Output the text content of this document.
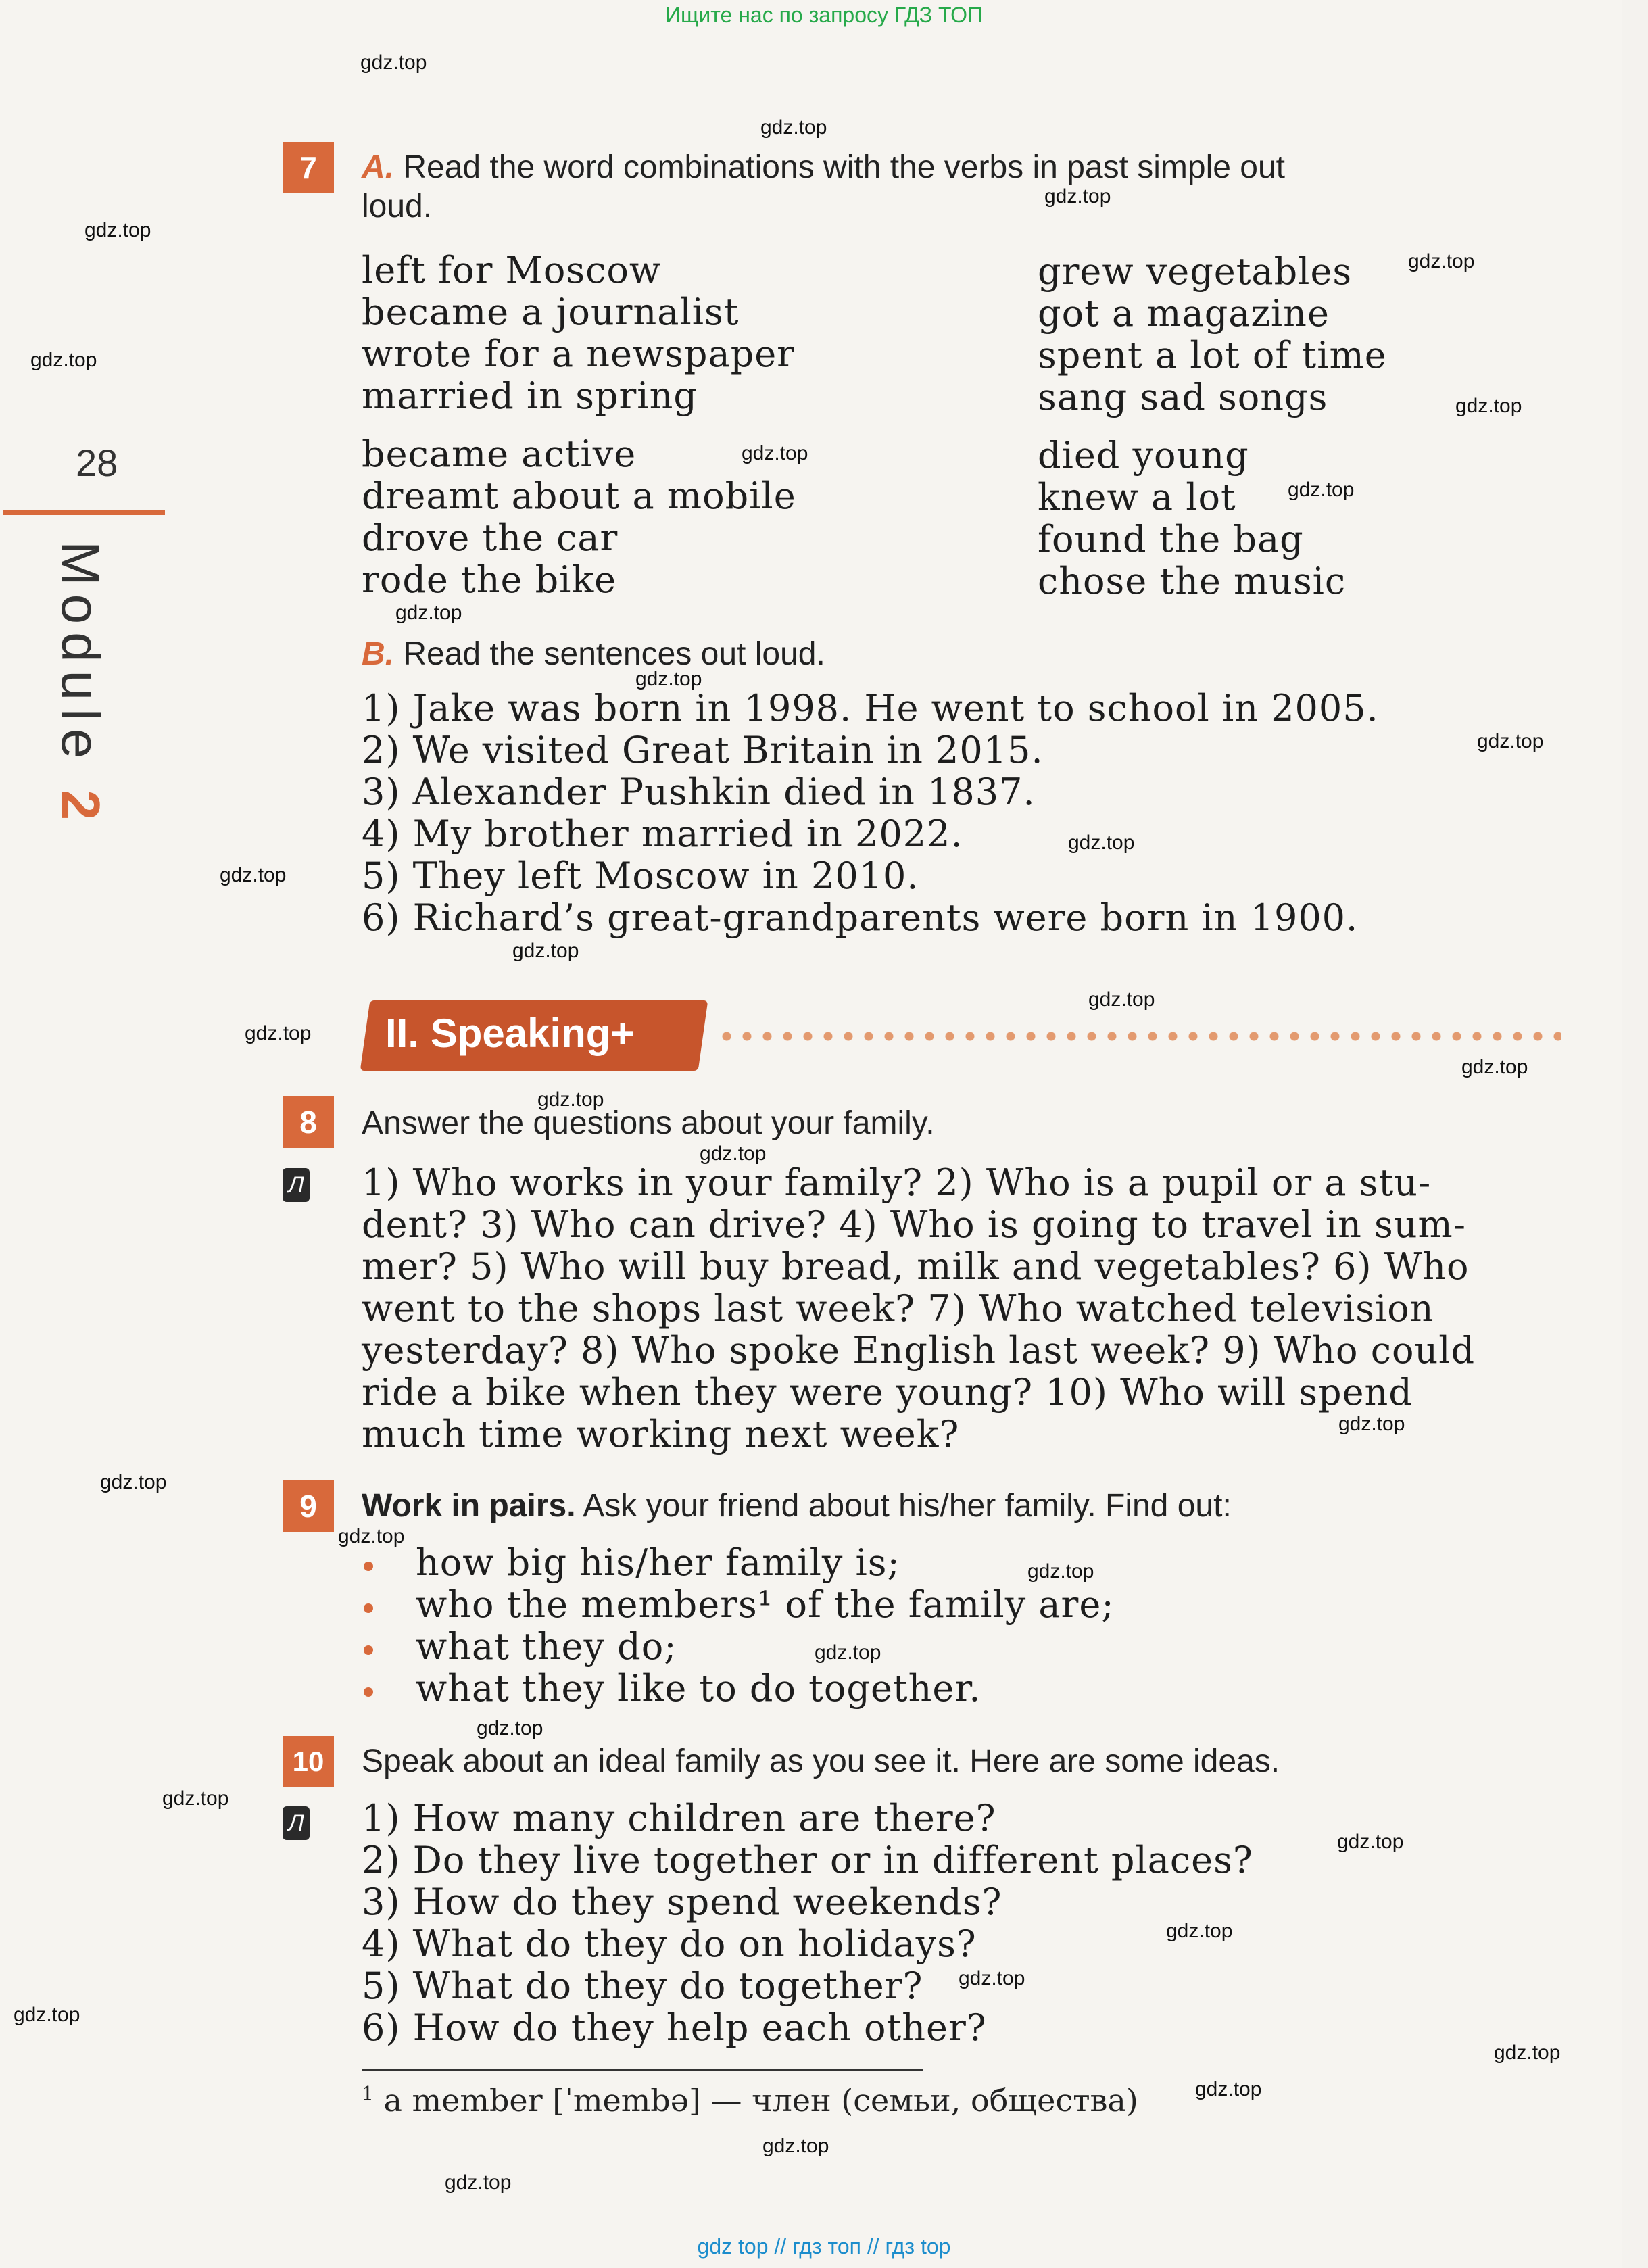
Ищите нас по запросу ГДЗ ТОП
28
Module 2
7	A. Read the word combinations with the verbs in past simple out
loud.
left for Moscow
became a journalist
wrote for a newspaper
married in spring
became active
dreamt about a mobile
drove the car
rode the bike
grew vegetables
got a magazine
spent a lot of time
sang sad songs
died young
knew a lot
found the bag
chose the music
B. Read the sentences out loud.
1) Jake was born in 1998. He went to school in 2005.
2) We visited Great Britain in 2015.
3) Alexander Pushkin died in 1837.
4) My brother married in 2022.
5) They left Moscow in 2010.
6) Richard’s great-grandparents were born in 1900.
II. Speaking+
8	Answer the questions about your family.
Л 1) Who works in your family? 2) Who is a pupil or a stu-
dent? 3) Who can drive? 4) Who is going to travel in sum-
mer? 5) Who will buy bread, milk and vegetables? 6) Who
went to the shops last week? 7) Who watched television
yesterday? 8) Who spoke English last week? 9) Who could
ride a bike when they were young? 10) Who will spend
much time working next week?
9	Work in pairs. Ask your friend about his/her family. Find out:
how big his/her family is;
who the members¹ of the family are;
what they do;
what they like to do together.
10	Speak about an ideal family as you see it. Here are some ideas.
Л 1) How many children are there?
2) Do they live together or in different places?
3) How do they spend weekends?
4) What do they do on holidays?
5) What do they do together?
6) How do they help each other?
$^1$ a member [ˈmembə] — член (семьи, общества)
gdz.top
gdz.top
gdz.top
gdz.top
gdz.top
gdz.top
gdz.top
gdz.top
gdz.top
gdz.top
gdz.top
gdz.top
gdz.top
gdz.top
gdz.top
gdz.top
gdz.top
gdz.top
gdz.top
gdz.top
gdz.top
gdz.top
gdz.top
gdz.top
gdz.top
gdz.top
gdz.top
gdz.top
gdz.top
gdz.top
gdz.top
gdz.top
gdz.top
gdz.top
gdz.top
gdz top // гдз топ // гдз top
